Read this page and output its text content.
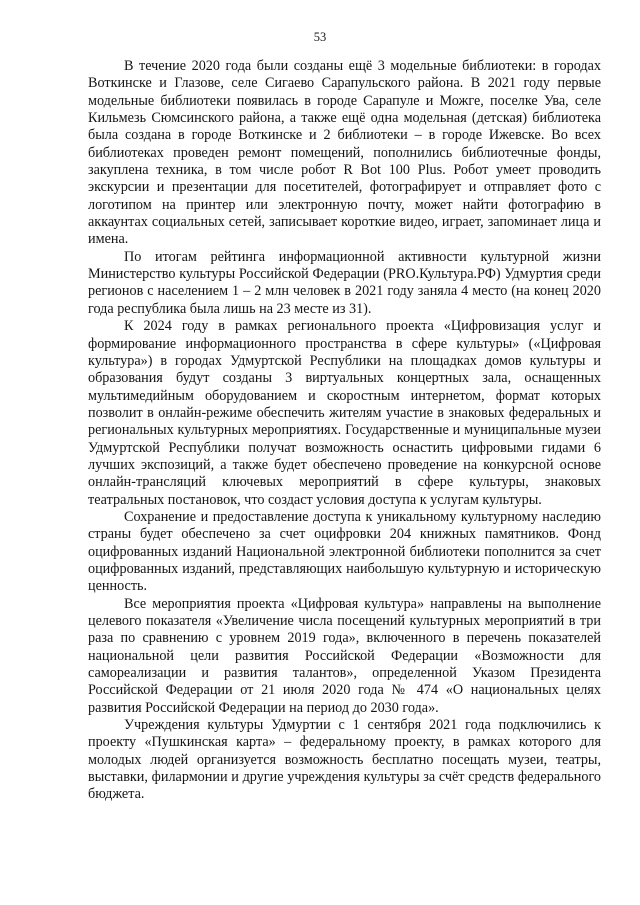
53

В течение 2020 года были созданы ещё 3 модельные библиотеки: в городах Воткинске и Глазове, селе Сигаево Сарапульского района. В 2021 году первые модельные библиотеки появилась в городе Сарапуле и Можге, поселке Ува, селе Кильмезь Сюмсинского района, а также ещё одна модельная (детская) библиотека была создана в городе Воткинске и 2 библиотеки – в городе Ижевске. Во всех библиотеках проведен ремонт помещений, пополнились библиотечные фонды, закуплена техника, в том числе робот R Bot 100 Plus. Робот умеет проводить экскурсии и презентации для посетителей, фотографирует и отправляет фото с логотипом на принтер или электронную почту, может найти фотографию в аккаунтах социальных сетей, записывает короткие видео, играет, запоминает лица и имена.

По итогам рейтинга информационной активности культурной жизни Министерство культуры Российской Федерации (PRO.Культура.РФ) Удмуртия среди регионов с населением 1 – 2 млн человек в 2021 году заняла 4 место (на конец 2020 года республика была лишь на 23 месте из 31).

К 2024 году в рамках регионального проекта «Цифровизация услуг и формирование информационного пространства в сфере культуры» («Цифровая культура») в городах Удмуртской Республики на площадках домов культуры и образования будут созданы 3 виртуальных концертных зала, оснащенных мультимедийным оборудованием и скоростным интернетом, формат которых позволит в онлайн-режиме обеспечить жителям участие в знаковых федеральных и региональных культурных мероприятиях. Государственные и муниципальные музеи Удмуртской Республики получат возможность оснастить цифровыми гидами 6 лучших экспозиций, а также будет обеспечено проведение на конкурсной основе онлайн-трансляций ключевых мероприятий в сфере культуры, знаковых театральных постановок, что создаст условия доступа к услугам культуры.

Сохранение и предоставление доступа к уникальному культурному наследию страны будет обеспечено за счет оцифровки 204 книжных памятников. Фонд оцифрованных изданий Национальной электронной библиотеки пополнится за счет оцифрованных изданий, представляющих наибольшую культурную и историческую ценность.

Все мероприятия проекта «Цифровая культура» направлены на выполнение целевого показателя «Увеличение числа посещений культурных мероприятий в три раза по сравнению с уровнем 2019 года», включенного в перечень показателей национальной цели развития Российской Федерации «Возможности для самореализации и развития талантов», определенной Указом Президента Российской Федерации от 21 июля 2020 года № 474 «О национальных целях развития Российской Федерации на период до 2030 года».

Учреждения культуры Удмуртии с 1 сентября 2021 года подключились к проекту «Пушкинская карта» – федеральному проекту, в рамках которого для молодых людей организуется возможность бесплатно посещать музеи, театры, выставки, филармонии и другие учреждения культуры за счёт средств федерального бюджета.
